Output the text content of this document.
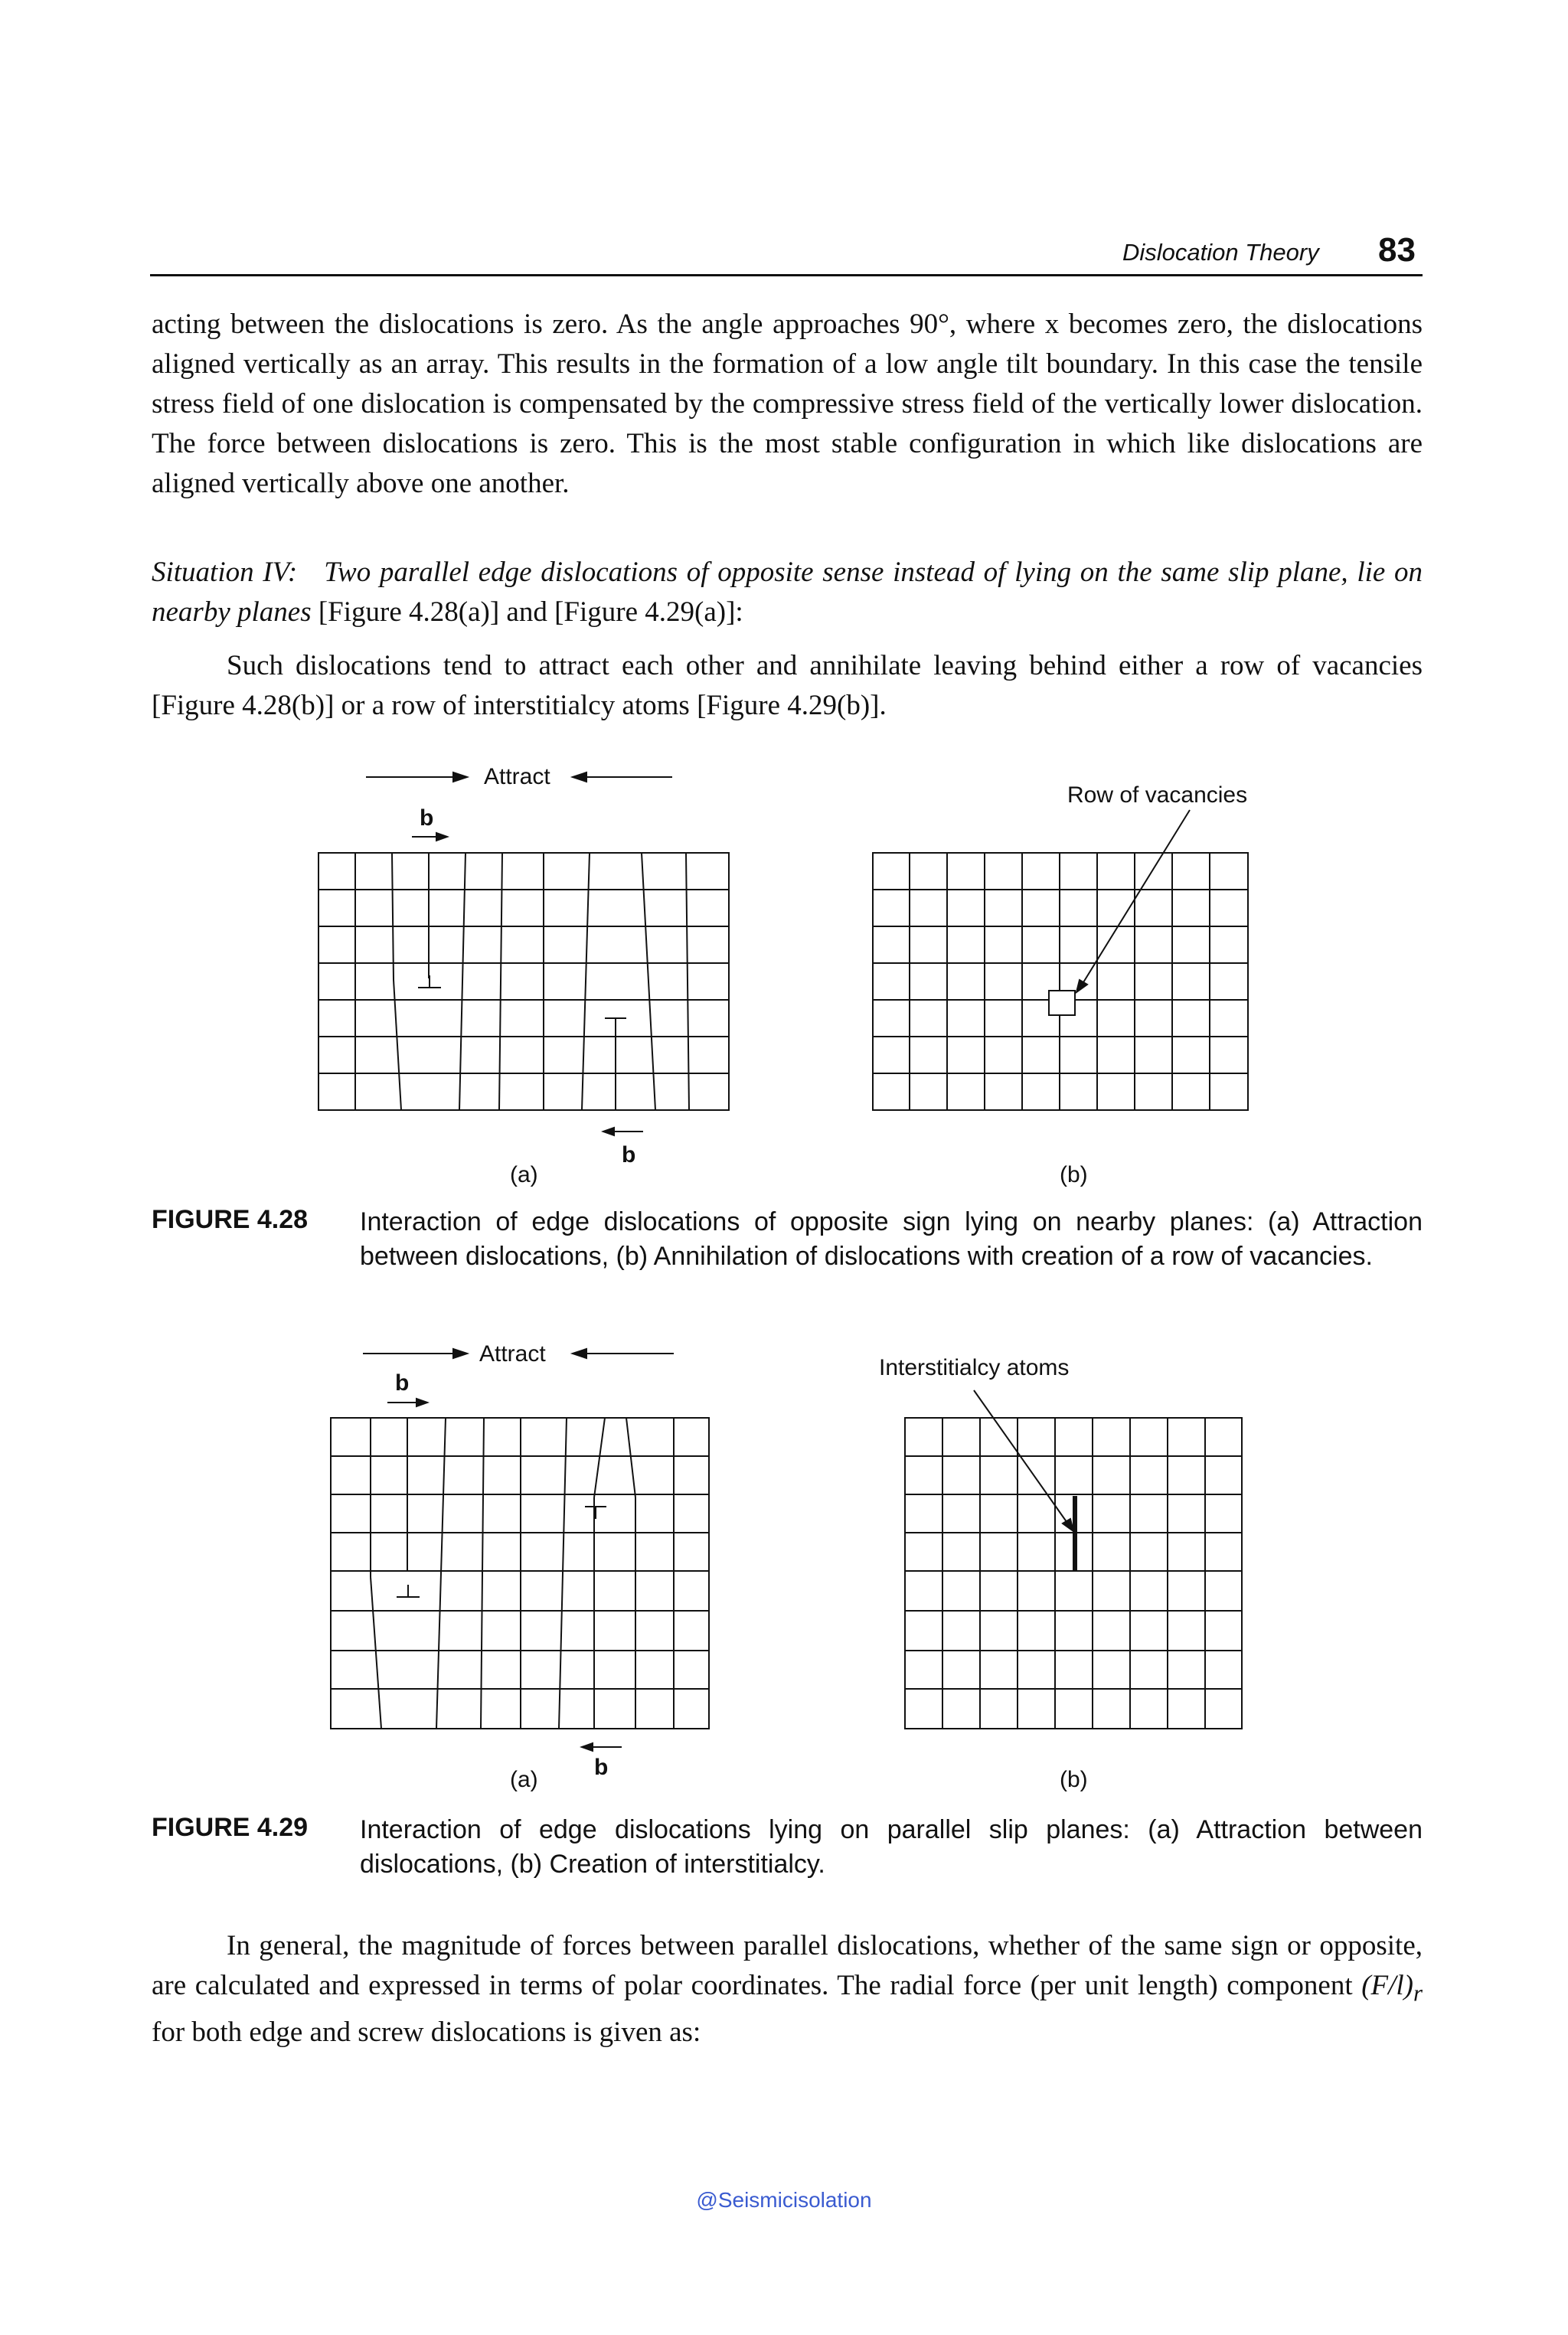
Dislocation Theory 83

acting between the dislocations is zero. As the angle approaches 90°, where x becomes zero, the dislocations aligned vertically as an array. This results in the formation of a low angle tilt boundary. In this case the tensile stress field of one dislocation is compensated by the compressive stress field of the vertically lower dislocation. The force between dislocations is zero. This is the most stable configuration in which like dislocations are aligned vertically above one another.

Situation IV: Two parallel edge dislocations of opposite sense instead of lying on the same slip plane, lie on nearby planes [Figure 4.28(a)] and [Figure 4.29(a)]:

Such dislocations tend to attract each other and annihilate leaving behind either a row of vacancies [Figure 4.28(b)] or a row of interstitialcy atoms [Figure 4.29(b)].

Attract
b
Row of vacancies
b
(a)	(b)
FIGURE 4.28 Interaction of edge dislocations of opposite sign lying on nearby planes: (a) Attraction between dislocations, (b) Annihilation of dislocations with creation of a row of vacancies.
Attract
b
Interstitialcy atoms
b
(a)	(b)
FIGURE 4.29 Interaction of edge dislocations lying on parallel slip planes: (a) Attraction between dislocations, (b) Creation of interstitialcy.

In general, the magnitude of forces between parallel dislocations, whether of the same sign or opposite, are calculated and expressed in terms of polar coordinates. The radial force (per unit length) component $(F/l)_r$ for both edge and screw dislocations is given as:

@Seismicisolation
